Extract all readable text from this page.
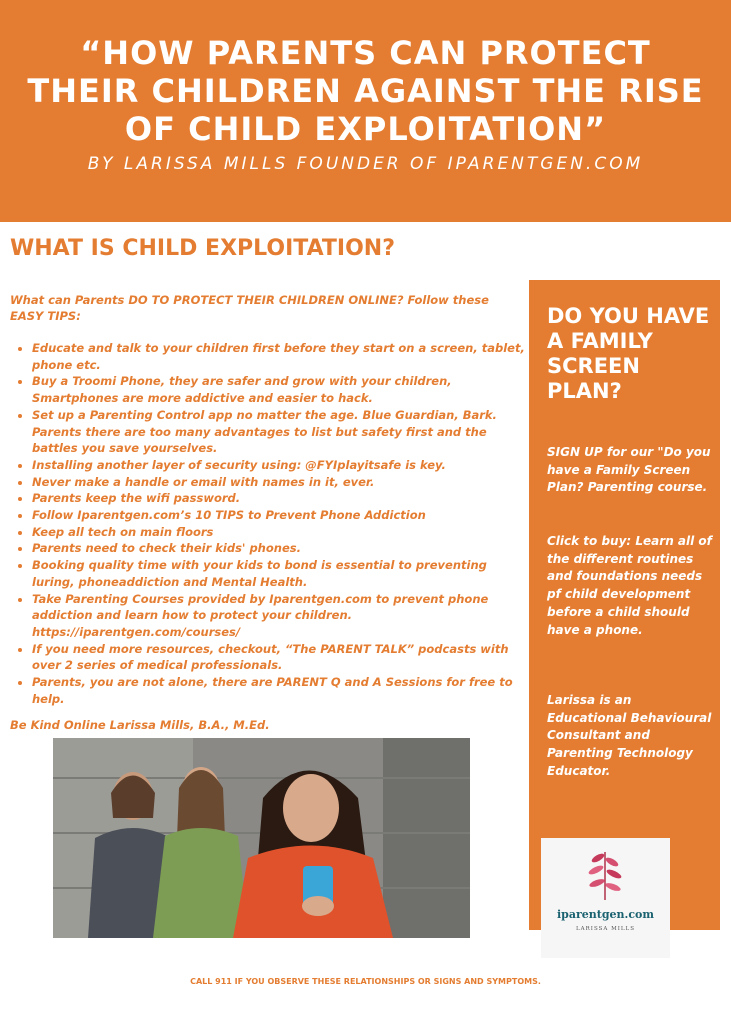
“HOW PARENTS CAN PROTECT THEIR CHILDREN AGAINST THE RISE OF CHILD EXPLOITATION”
BY LARISSA MILLS FOUNDER OF IPARENTGEN.COM
WHAT IS CHILD EXPLOITATION?
What can Parents DO TO PROTECT THEIR CHILDREN ONLINE? Follow these EASY TIPS:
• Educate and talk to your children first before they start on a screen, tablet, phone etc.
• Buy a Troomi Phone, they are safer and grow with your children, Smartphones are more addictive and easier to hack.
• Set up a Parenting Control app no matter the age. Blue Guardian, Bark. Parents there are too many advantages to list but safety first and the battles you save yourselves.
• Installing another layer of security using: @FYIplayitsafe is key.
• Never make a handle or email with names in it, ever.
• Parents keep the wifi password.
• Follow Iparentgen.com’s 10 TIPS to Prevent Phone Addiction
• Keep all tech on main floors
• Parents need to check their kids' phones.
• Booking quality time with your kids to bond is essential to preventing luring, phoneaddiction and Mental Health.
• Take Parenting Courses provided by Iparentgen.com to prevent phone addiction and learn how to protect your children. https://iparentgen.com/courses/
• If you need more resources, checkout, “The PARENT TALK” podcasts with over 2 series of medical professionals.
• Parents, you are not alone, there are PARENT Q and A Sessions for free to help.
Be Kind Online Larissa Mills, B.A., M.Ed.
DO YOU HAVE A FAMILY SCREEN PLAN?
SIGN UP for our "Do you have a Family Screen Plan? Parenting course.
Click to buy: Learn all of the different routines and foundations needs pf child development before a child should have a phone.
Larissa is an Educational Behavioural Consultant and Parenting Technology Educator.
iparentgen.com
LARISSA MILLS
CALL 911 IF YOU OBSERVE THESE RELATIONSHIPS OR SIGNS AND SYMPTOMS.
